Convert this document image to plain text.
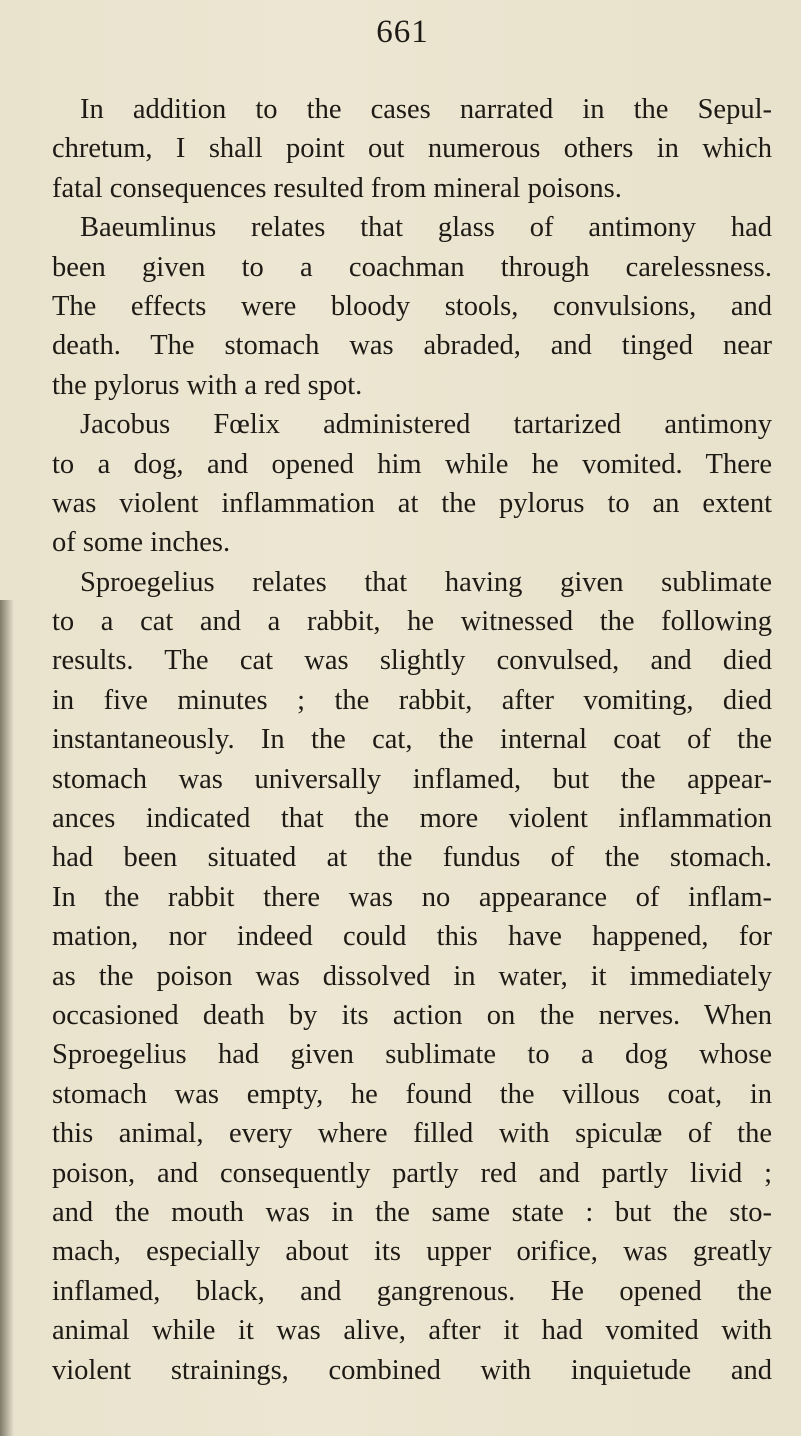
661
In addition to the cases narrated in the Sepul-
chretum, I shall point out numerous others in which
fatal consequences resulted from mineral poisons.
Baeumlinus relates that glass of antimony had
been given to a coachman through carelessness.
The effects were bloody stools, convulsions, and
death. The stomach was abraded, and tinged near
the pylorus with a red spot.
Jacobus Fœlix administered tartarized antimony
to a dog, and opened him while he vomited. There
was violent inflammation at the pylorus to an extent
of some inches.
Sproegelius relates that having given sublimate
to a cat and a rabbit, he witnessed the following
results. The cat was slightly convulsed, and died
in five minutes ; the rabbit, after vomiting, died
instantaneously. In the cat, the internal coat of the
stomach was universally inflamed, but the appear-
ances indicated that the more violent inflammation
had been situated at the fundus of the stomach.
In the rabbit there was no appearance of inflam-
mation, nor indeed could this have happened, for
as the poison was dissolved in water, it immediately
occasioned death by its action on the nerves. When
Sproegelius had given sublimate to a dog whose
stomach was empty, he found the villous coat, in
this animal, every where filled with spiculæ of the
poison, and consequently partly red and partly livid ;
and the mouth was in the same state : but the sto-
mach, especially about its upper orifice, was greatly
inflamed, black, and gangrenous. He opened the
animal while it was alive, after it had vomited with
violent strainings, combined with inquietude and
